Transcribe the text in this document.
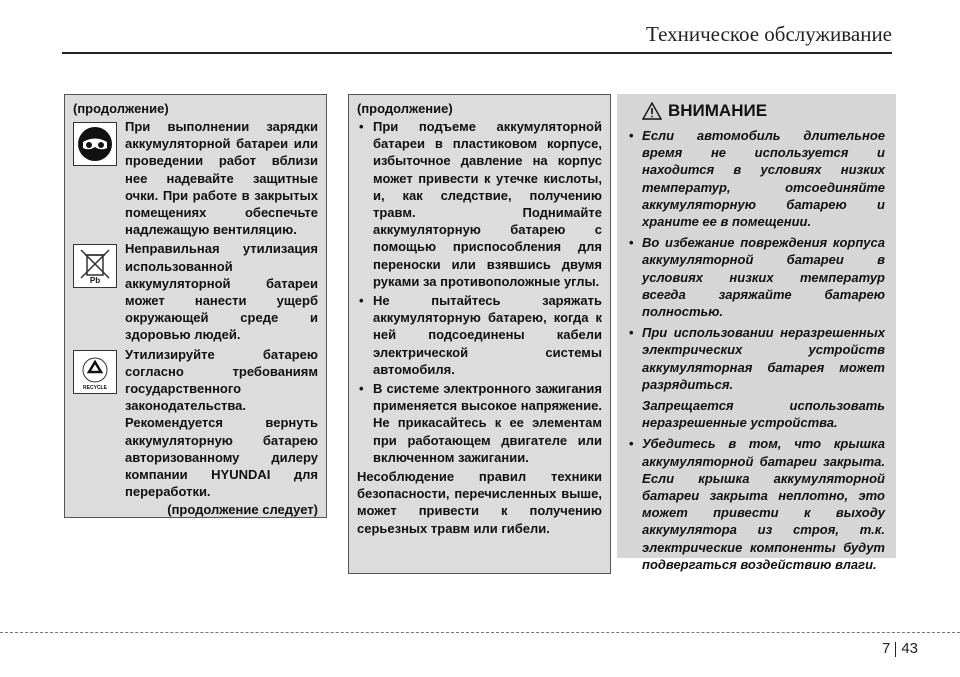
Техническое обслуживание
(продолжение)

При выполнении зарядки аккумуляторной батареи или проведении работ вблизи нее надевайте защитные очки. При работе в закрытых помещениях обеспечьте надлежащую вентиляцию.

Pb

Неправильная утилизация использованной аккумуляторной батареи может нанести ущерб окружающей среде и здоровью людей.

RECYCLE

Утилизируйте батарею согласно требованиям государственного законодательства. Рекомендуется вернуть аккумуляторную батарею авторизованному дилеру компании HYUNDAI для переработки.

(продолжение следует)
(продолжение)
• При подъеме аккумуляторной батареи в пластиковом корпусе, избыточное давление на корпус может привести к утечке кислоты, и, как следствие, получению травм. Поднимайте аккумуляторную батарею с помощью приспособления для переноски или взявшись двумя руками за противоположные углы.
• Не пытайтесь заряжать аккумуляторную батарею, когда к ней подсоединены кабели электрической системы автомобиля.
• В системе электронного зажигания применяется высокое напряжение. Не прикасайтесь к ее элементам при работающем двигателе или включенном зажигании.

Несоблюдение правил техники безопасности, перечисленных выше, может привести к получению серьезных травм или гибели.

ВНИМАНИЕ
• Если автомобиль длительное время не используется и находится в условиях низких температур, отсоединяйте аккумуляторную батарею и храните ее в помещении.
• Во избежание повреждения корпуса аккумуляторной батареи в условиях низких температур всегда заряжайте батарею полностью.
• При использовании неразрешенных электрических устройств аккумуляторная батарея может разрядиться.
Запрещается использовать неразрешенные устройства.
• Убедитесь в том, что крышка аккумуляторной батареи закрыта. Если крышка аккумуляторной батареи закрыта неплотно, это может привести к выходу аккумулятора из строя, т.к. электрические компоненты будут подвергаться воздействию влаги.
7 43
